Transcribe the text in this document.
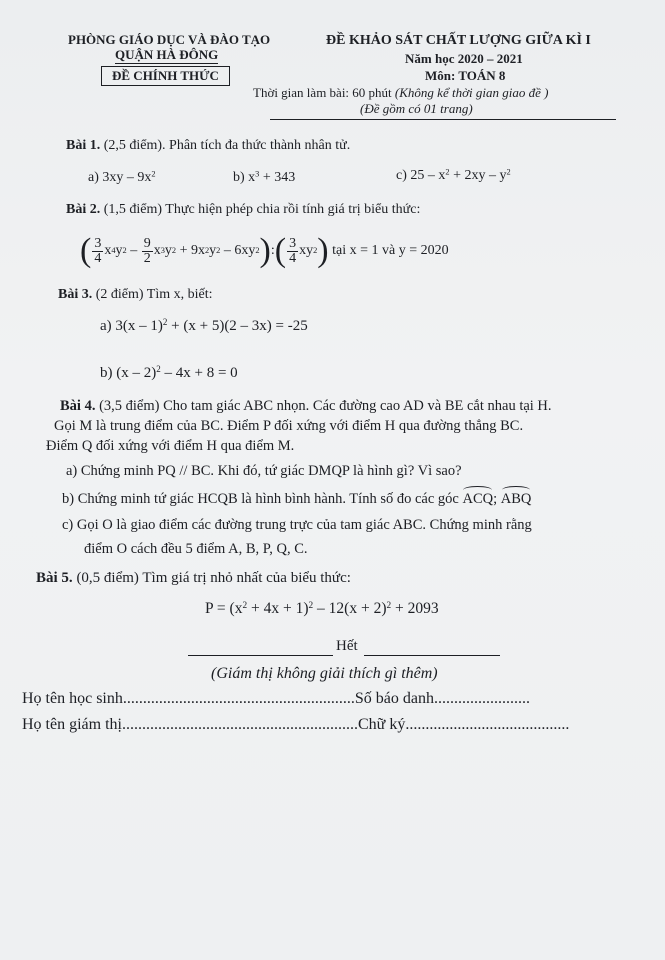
PHÒNG GIÁO DỤC VÀ ĐÀO TẠO
QUẬN HÀ ĐÔNG
ĐỀ CHÍNH THỨC
ĐỀ KHẢO SÁT CHẤT LƯỢNG GIỮA KÌ I
Năm học 2020 – 2021
Môn: TOÁN 8
Thời gian làm bài: 60 phút (Không kể thời gian giao đề )
(Đề gồm có 01 trang)
Bài 1. (2,5 điểm). Phân tích đa thức thành nhân tử.
a) $3xy - 9x^2$	b) $x^3 + 343$	c) $25 - x^2 + 2xy - y^2$
Bài 2. (1,5 điểm) Thực hiện phép chia rồi tính giá trị biểu thức:
( $\frac{3}{4}$ x 4 y $2 - \frac{9}{2}$ x 3 y 2 + 9x 2 y 2 – 6xy 2 ) : ( $\frac{3}{4}$ xy 2 )
tại x = 1 và y = 2020
Bài 3. (2 điểm) Tìm x, biết:
a) 3(x – 1)$^2$ + (x + 5)(2 – 3x) = -25
b) (x – 2)$^2$ – 4x + 8 = 0
Bài 4. (3,5 điểm) Cho tam giác ABC nhọn. Các đường cao AD và BE cắt nhau tại H.
Gọi M là trung điểm của BC. Điểm P đối xứng với điểm H qua đường thẳng BC.
Điểm Q đối xứng với điểm H qua điểm M.
a) Chứng minh PQ // BC. Khi đó, tứ giác DMQP là hình gì? Vì sao?
b) Chứng minh tứ giác HCQB là hình bình hành. Tính số đo các góc ACQ; ABQ
c) Gọi O là giao điểm các đường trung trực của tam giác ABC. Chứng minh rằng
điểm O cách đều 5 điểm A, B, P, Q, C.
Bài 5. (0,5 điểm) Tìm giá trị nhỏ nhất của biểu thức:
$P = (x^2 + 4x + 1)^2 - 12(x + 2)^2 + 2093$
Hết
(Giám thị không giải thích gì thêm)
Họ tên học sinh..........................................................Số báo danh........................
Họ tên giám thị...........................................................Chữ ký.........................................
